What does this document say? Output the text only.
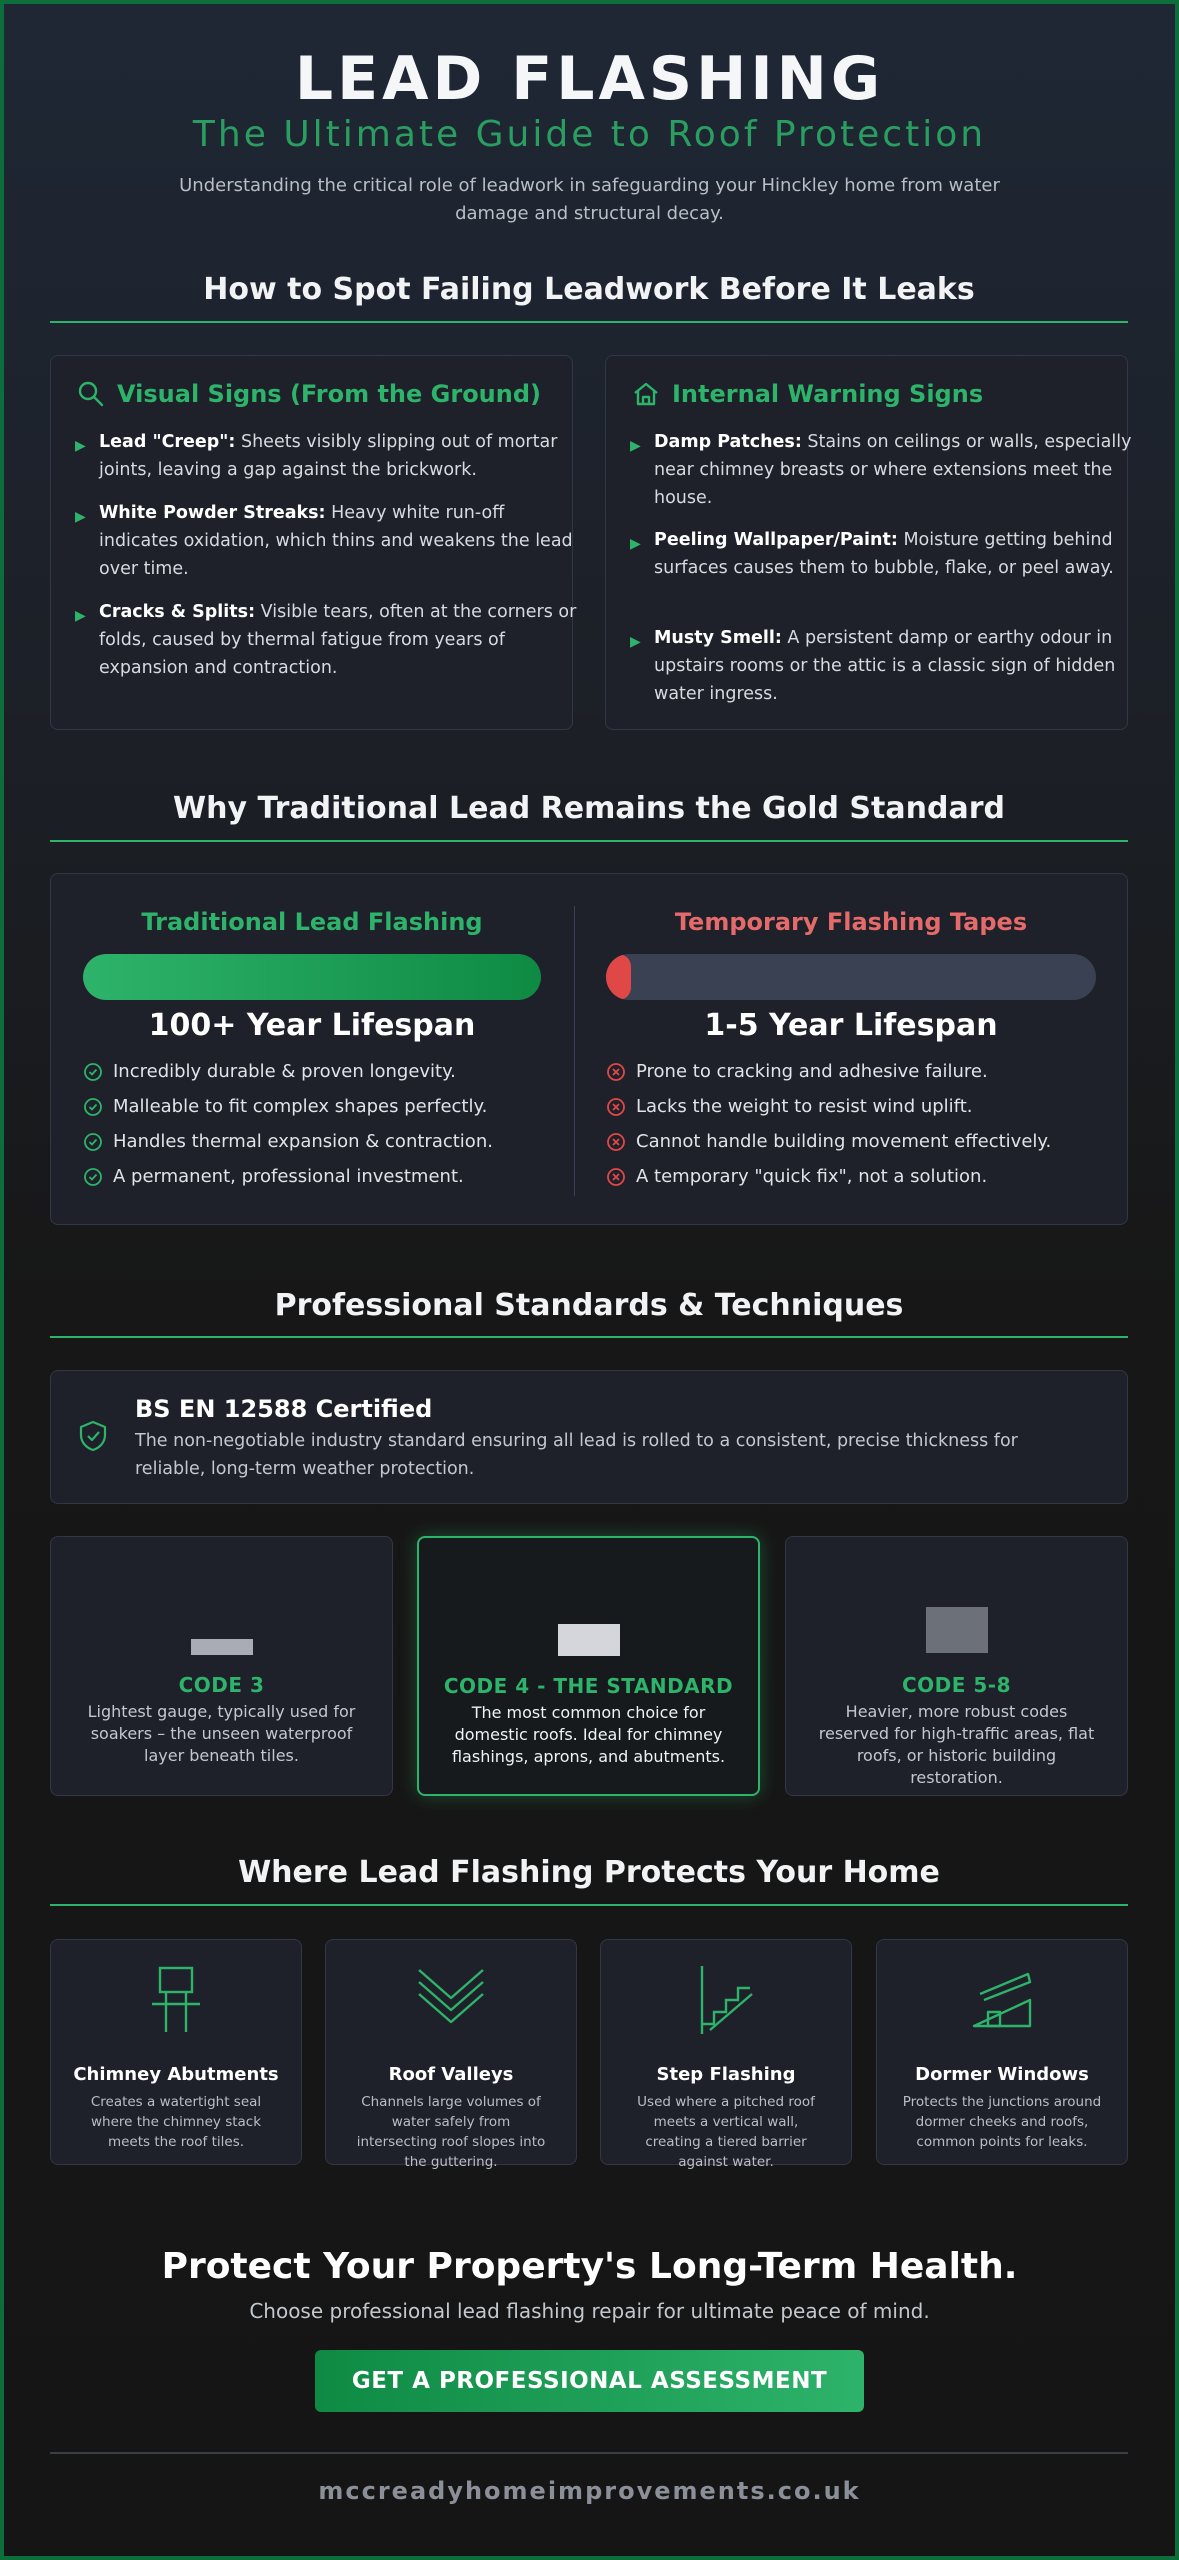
LEAD FLASHING
The Ultimate Guide to Roof Protection
Understanding the critical role of leadwork in safeguarding your Hinckley home from water damage and structural decay.
How to Spot Failing Leadwork Before It Leaks
Visual Signs (From the Ground)
▶ Lead "Creep": Sheets visibly slipping out of mortar joints, leaving a gap against the brickwork.
▶ White Powder Streaks: Heavy white run-off indicates oxidation, which thins and weakens the lead over time.
▶ Cracks & Splits: Visible tears, often at the corners or folds, caused by thermal fatigue from years of expansion and contraction.
Internal Warning Signs
▶ Damp Patches: Stains on ceilings or walls, especially near chimney breasts or where extensions meet the house.
▶ Peeling Wallpaper/Paint: Moisture getting behind surfaces causes them to bubble, flake, or peel away.
▶ Musty Smell: A persistent damp or earthy odour in upstairs rooms or the attic is a classic sign of hidden water ingress.
Why Traditional Lead Remains the Gold Standard
Traditional Lead Flashing
100+ Year Lifespan
Incredibly durable & proven longevity.
Malleable to fit complex shapes perfectly.
Handles thermal expansion & contraction.
A permanent, professional investment.
Temporary Flashing Tapes
1-5 Year Lifespan
Prone to cracking and adhesive failure.
Lacks the weight to resist wind uplift.
Cannot handle building movement effectively.
A temporary "quick fix", not a solution.
Professional Standards & Techniques
BS EN 12588 Certified
The non-negotiable industry standard ensuring all lead is rolled to a consistent, precise thickness for reliable, long-term weather protection.
CODE 3
Lightest gauge, typically used for soakers – the unseen waterproof layer beneath tiles.
CODE 4 - THE STANDARD
The most common choice for domestic roofs. Ideal for chimney flashings, aprons, and abutments.
CODE 5-8
Heavier, more robust codes reserved for high-traffic areas, flat roofs, or historic building restoration.
Where Lead Flashing Protects Your Home
Chimney Abutments
Creates a watertight seal where the chimney stack meets the roof tiles.
Roof Valleys
Channels large volumes of water safely from intersecting roof slopes into the guttering.
Step Flashing
Used where a pitched roof meets a vertical wall, creating a tiered barrier against water.
Dormer Windows
Protects the junctions around dormer cheeks and roofs, common points for leaks.
Protect Your Property's Long-Term Health.
Choose professional lead flashing repair for ultimate peace of mind.
GET A PROFESSIONAL ASSESSMENT
mccreadyhomeimprovements.co.uk
